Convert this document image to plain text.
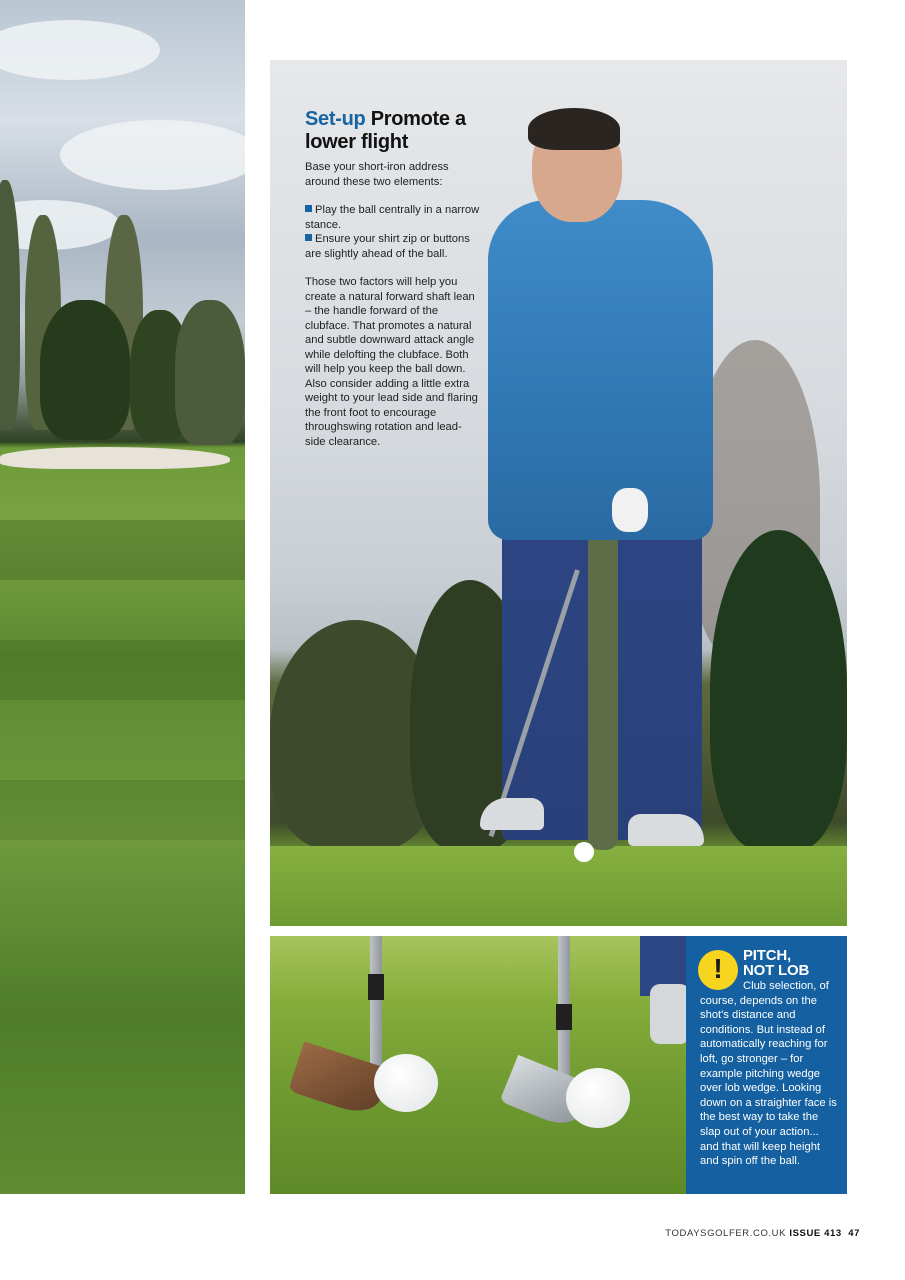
Set-up Promote a lower flight

Base your short-iron address around these two elements:

Play the ball centrally in a narrow stance.

Ensure your shirt zip or buttons are slightly ahead of the ball.

Those two factors will help you create a natural forward shaft lean – the handle forward of the clubface. That promotes a natural and subtle downward attack angle while delofting the clubface. Both will help you keep the ball down. Also consider adding a little extra weight to your lead side and flaring the front foot to encourage throughswing rotation and lead-side clearance.

!	PITCH,
NOT LOB
Club selection, of course, depends on the shot's distance and conditions. But instead of automatically reaching for loft, go stronger – for example pitching wedge over lob wedge. Looking down on a straighter face is the best way to take the slap out of your action... and that will keep height and spin off the ball.
TODAYSGOLFER.CO.UK ISSUE 413 47
